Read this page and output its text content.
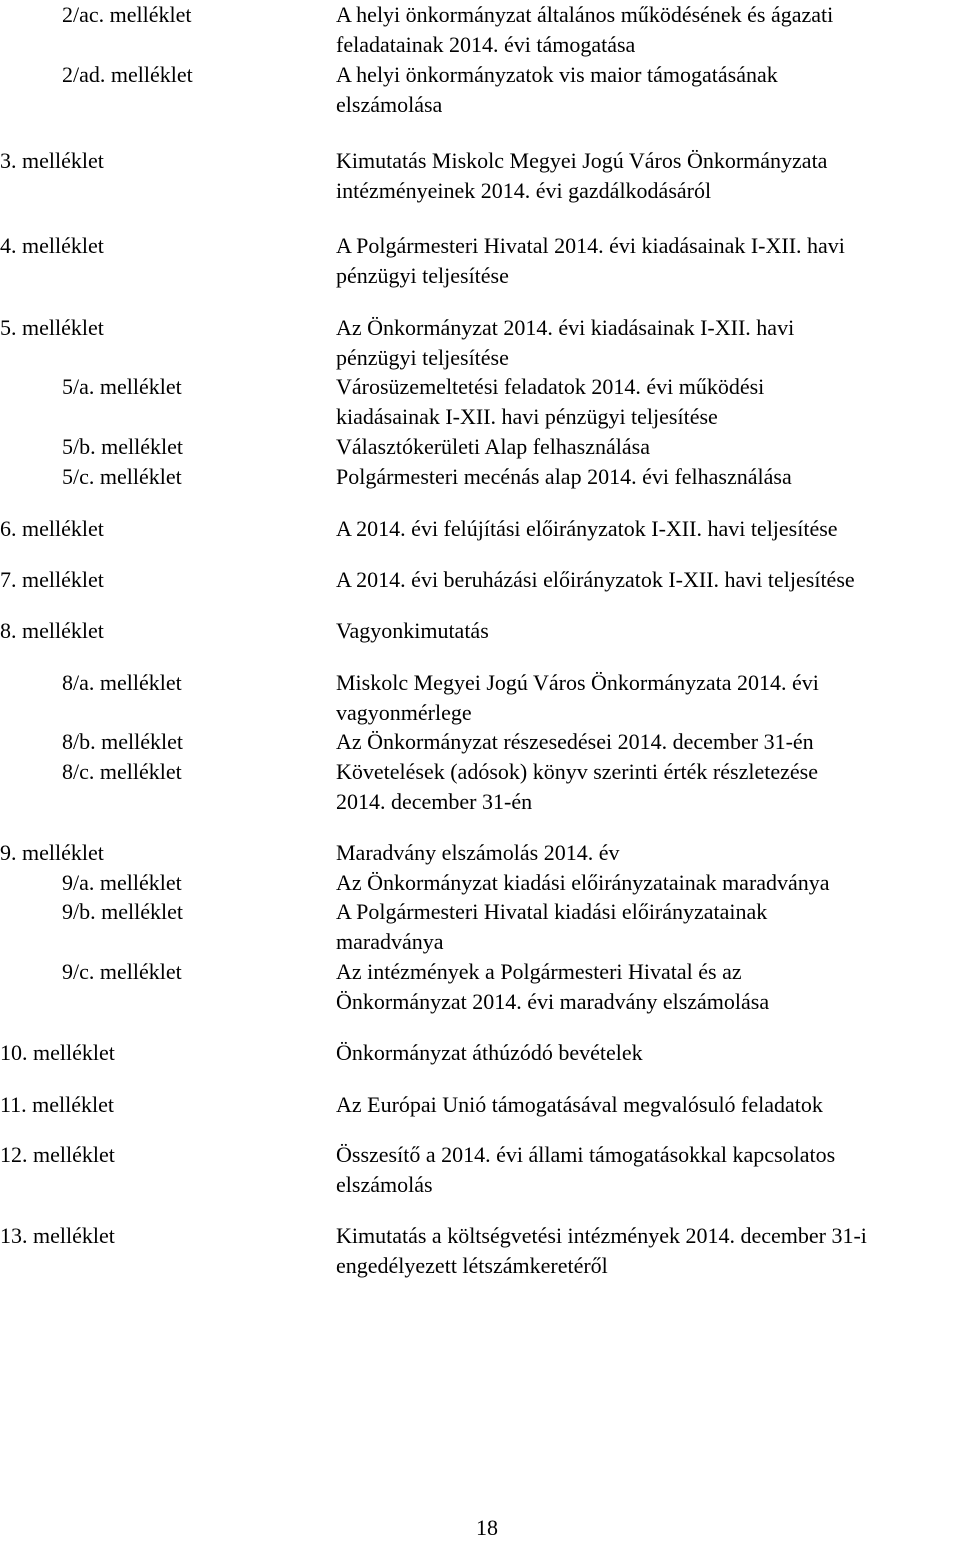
2/ac. melléklet	A helyi önkormányzat általános működésének és ágazati
feladatainak 2014. évi támogatása
2/ad. melléklet	A helyi önkormányzatok vis maior támogatásának
elszámolása
3. melléklet	Kimutatás Miskolc Megyei Jogú Város Önkormányzata
intézményeinek 2014. évi gazdálkodásáról
4. melléklet	A Polgármesteri Hivatal 2014. évi kiadásainak I-XII. havi
pénzügyi teljesítése
5. melléklet	Az Önkormányzat 2014. évi kiadásainak I-XII. havi
pénzügyi teljesítése
5/a. melléklet	Városüzemeltetési feladatok 2014. évi működési
kiadásainak I-XII. havi pénzügyi teljesítése
5/b. melléklet	Választókerületi Alap felhasználása
5/c. melléklet	Polgármesteri mecénás alap 2014. évi felhasználása
6. melléklet	A 2014. évi felújítási előirányzatok I-XII. havi teljesítése
7. melléklet	A 2014. évi beruházási előirányzatok I-XII. havi teljesítése
8. melléklet	Vagyonkimutatás
8/a. melléklet	Miskolc Megyei Jogú Város Önkormányzata 2014. évi
vagyonmérlege
8/b. melléklet	Az Önkormányzat részesedései 2014. december 31-én
8/c. melléklet	Követelések (adósok) könyv szerinti érték részletezése
2014. december 31-én
9. melléklet	Maradvány elszámolás 2014. év
9/a. melléklet	Az Önkormányzat kiadási előirányzatainak maradványa
9/b. melléklet	A Polgármesteri Hivatal kiadási előirányzatainak
maradványa
9/c. melléklet	Az intézmények a Polgármesteri Hivatal és az
Önkormányzat 2014. évi maradvány elszámolása
10. melléklet	Önkormányzat áthúzódó bevételek
11. melléklet	Az Európai Unió támogatásával megvalósuló feladatok
12. melléklet	Összesítő a 2014. évi állami támogatásokkal kapcsolatos
elszámolás
13. melléklet	Kimutatás a költségvetési intézmények 2014. december 31-i
engedélyezett létszámkeretéről
18
